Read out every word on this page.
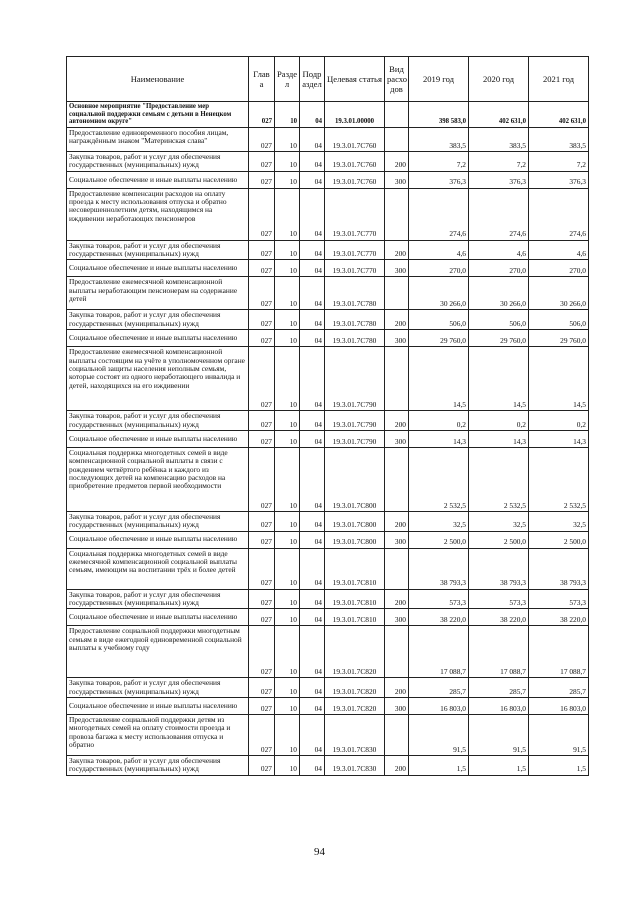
Наименование	Глав а	Разде л	Подр аздел	Целевая статья	Вид расхо дов	2019 год	2020 год	2021 год
Основное мероприятие "Предоставление мер социальной поддержки семьям с детьми в Ненецком автономном округе"	027	10	04	19.3.01.00000		398 583,0	402 631,0	402 631,0
Предоставление единовременного пособия лицам, награждённым знаком "Материнская слава"	027	10	04	19.3.01.7С760		383,5	383,5	383,5
Закупка товаров, работ и услуг для обеспечения государственных (муниципальных) нужд	027	10	04	19.3.01.7С760	200	7,2	7,2	7,2
Социальное обеспечение и иные выплаты населению	027	10	04	19.3.01.7С760	300	376,3	376,3	376,3
Предоставление компенсации расходов на оплату проезда к месту использования отпуска и обратно несовершеннолетним детям, находящимся на иждивении неработающих пенсионеров	027	10	04	19.3.01.7С770		274,6	274,6	274,6
Закупка товаров, работ и услуг для обеспечения государственных (муниципальных) нужд	027	10	04	19.3.01.7С770	200	4,6	4,6	4,6
Социальное обеспечение и иные выплаты населению	027	10	04	19.3.01.7С770	300	270,0	270,0	270,0
Предоставление ежемесячной компенсационной выплаты неработающим пенсионерам на содержание детей	027	10	04	19.3.01.7С780		30 266,0	30 266,0	30 266,0
Закупка товаров, работ и услуг для обеспечения государственных (муниципальных) нужд	027	10	04	19.3.01.7С780	200	506,0	506,0	506,0
Социальное обеспечение и иные выплаты населению	027	10	04	19.3.01.7С780	300	29 760,0	29 760,0	29 760,0
Предоставление ежемесячной компенсационной выплаты состоящим на учёте в уполномоченном органе социальной защиты населения неполным семьям, которые состоят из одного неработающего инвалида и детей, находящихся на его иждивении	027	10	04	19.3.01.7С790		14,5	14,5	14,5
Закупка товаров, работ и услуг для обеспечения государственных (муниципальных) нужд	027	10	04	19.3.01.7С790	200	0,2	0,2	0,2
Социальное обеспечение и иные выплаты населению	027	10	04	19.3.01.7С790	300	14,3	14,3	14,3
Социальная поддержка многодетных семей в виде компенсационной социальной выплаты в связи с рождением четвёртого ребёнка и каждого из последующих детей на компенсацию расходов на приобретение предметов первой необходимости	027	10	04	19.3.01.7С800		2 532,5	2 532,5	2 532,5
Закупка товаров, работ и услуг для обеспечения государственных (муниципальных) нужд	027	10	04	19.3.01.7С800	200	32,5	32,5	32,5
Социальное обеспечение и иные выплаты населению	027	10	04	19.3.01.7С800	300	2 500,0	2 500,0	2 500,0
Социальная поддержка многодетных семей в виде ежемесячной компенсационной социальной выплаты семьям, имеющим на воспитании трёх и более детей	027	10	04	19.3.01.7С810		38 793,3	38 793,3	38 793,3
Закупка товаров, работ и услуг для обеспечения государственных (муниципальных) нужд	027	10	04	19.3.01.7С810	200	573,3	573,3	573,3
Социальное обеспечение и иные выплаты населению	027	10	04	19.3.01.7С810	300	38 220,0	38 220,0	38 220,0
Предоставление социальной поддержки многодетным семьям в виде ежегодной единовременной социальной выплаты к учебному году	027	10	04	19.3.01.7С820		17 088,7	17 088,7	17 088,7
Закупка товаров, работ и услуг для обеспечения государственных (муниципальных) нужд	027	10	04	19.3.01.7С820	200	285,7	285,7	285,7
Социальное обеспечение и иные выплаты населению	027	10	04	19.3.01.7С820	300	16 803,0	16 803,0	16 803,0
Предоставление социальной поддержки детям из многодетных семей на оплату стоимости проезда и провоза багажа к месту использования отпуска и обратно	027	10	04	19.3.01.7С830		91,5	91,5	91,5
Закупка товаров, работ и услуг для обеспечения государственных (муниципальных) нужд	027	10	04	19.3.01.7С830	200	1,5	1,5	1,5
94
